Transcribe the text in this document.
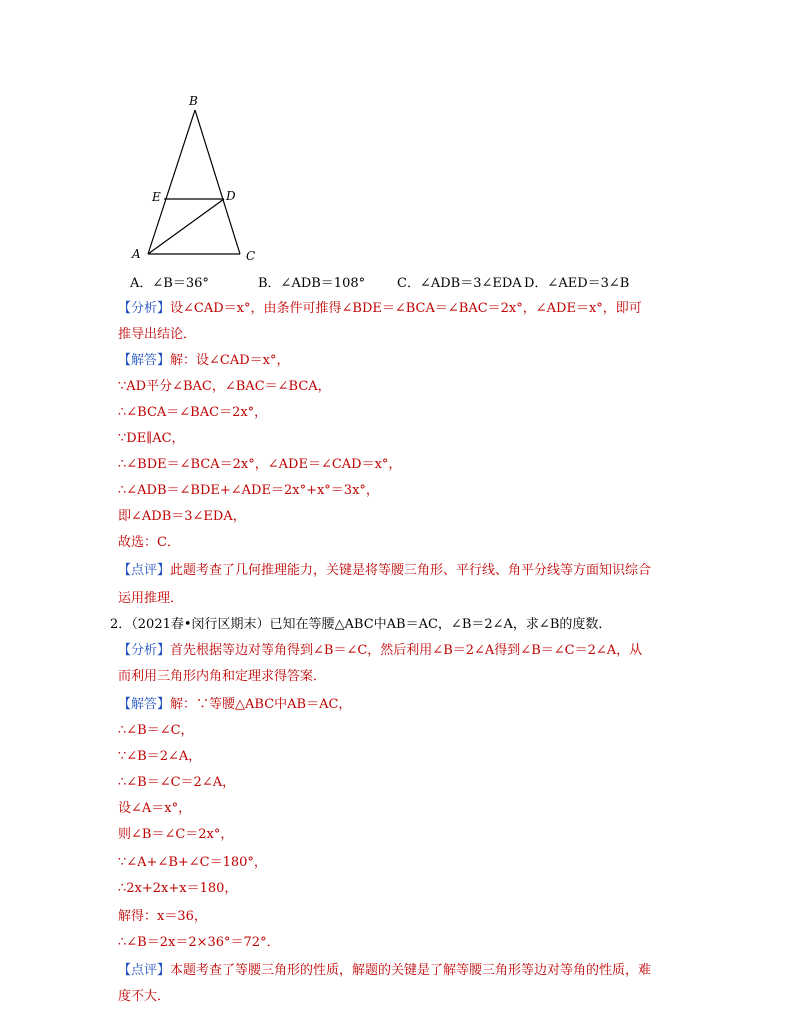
B
E	D
A	C
A．∠B＝36°	B．∠ADB＝108° C．∠ADB＝3∠EDA D．∠AED＝3∠B
【分析】设∠CAD＝x°，由条件可推得∠BDE＝∠BCA＝∠BAC＝2x°，∠ADE＝x°，即可
推导出结论．
【解答】解：设∠CAD＝x°，
∵AD平分∠BAC，∠BAC＝∠BCA，
∴∠BCA＝∠BAC＝2x°，
∵DE∥AC，
∴∠BDE＝∠BCA＝2x°，∠ADE＝∠CAD＝x°，
∴∠ADB＝∠BDE+∠ADE＝2x°+x°＝3x°，
即∠ADB＝3∠EDA，
故选：C．
【点评】此题考查了几何推理能力，关键是将等腰三角形、平行线、角平分线等方面知识综合
运用推理．
2．（2021春•闵行区期末）已知在等腰△ABC中AB＝AC，∠B＝2∠A，求∠B的度数．
【分析】首先根据等边对等角得到∠B＝∠C，然后利用∠B＝2∠A得到∠B＝∠C＝2∠A，从
而利用三角形内角和定理求得答案．
【解答】解：∵等腰△ABC中AB＝AC，
∴∠B＝∠C，
∵∠B＝2∠A，
∴∠B＝∠C＝2∠A，
设∠A＝x°，
则∠B＝∠C＝2x°，
∵∠A+∠B+∠C＝180°，
∴2x+2x+x＝180，
解得：x＝36，
∴∠B＝2x＝2×36°＝72°．
【点评】本题考查了等腰三角形的性质，解题的关键是了解等腰三角形等边对等角的性质，难
度不大．
